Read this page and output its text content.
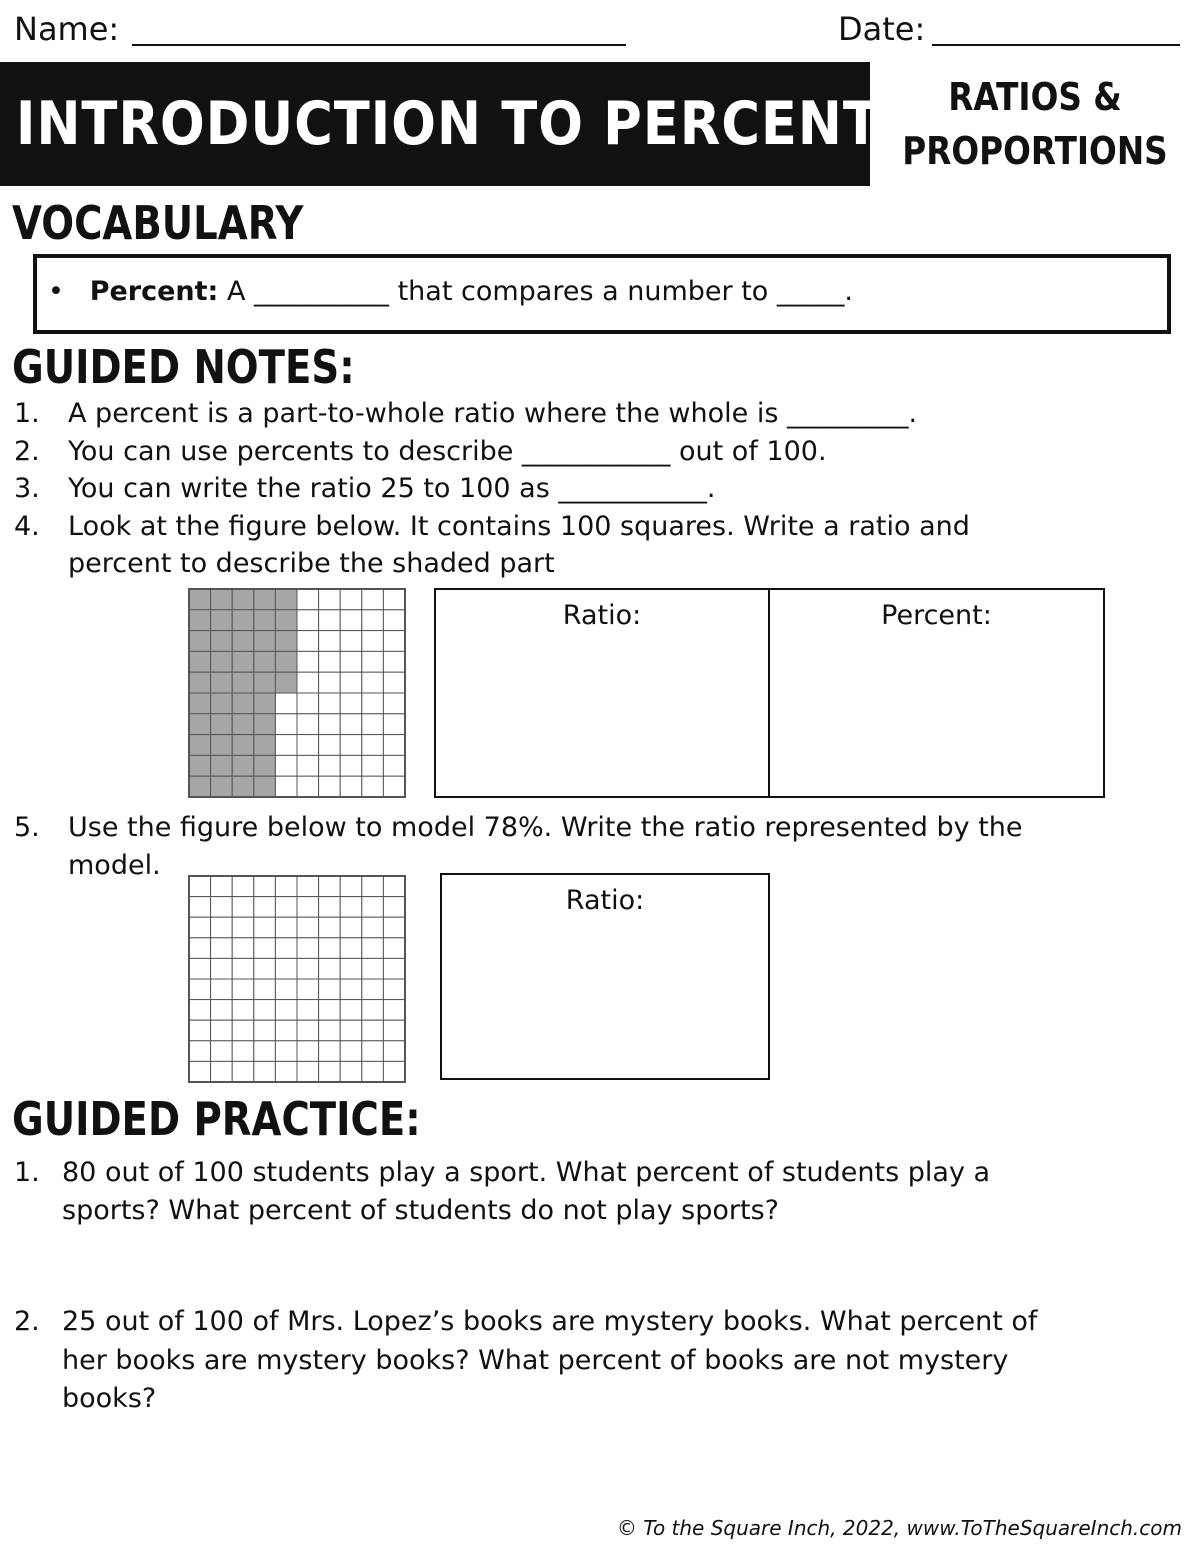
Name:	Date:
INTRODUCTION TO PERCENTS RATIOS &
PROPORTIONS
VOCABULARY
• Percent: A __________ that compares a number to _____.
GUIDED NOTES:
1. A percent is a part-to-whole ratio where the whole is _________.
2. You can use percents to describe ___________ out of 100.
3. You can write the ratio 25 to 100 as ___________.
4. Look at the figure below. It contains 100 squares. Write a ratio and
percent to describe the shaded part
Ratio:	Percent:
5. Use the figure below to model 78%. Write the ratio represented by the
model.
Ratio:
GUIDED PRACTICE:
1. 80 out of 100 students play a sport. What percent of students play a
sports? What percent of students do not play sports?
2. 25 out of 100 of Mrs. Lopez’s books are mystery books. What percent of
her books are mystery books? What percent of books are not mystery
books?
© To the Square Inch, 2022, www.ToTheSquareInch.com
